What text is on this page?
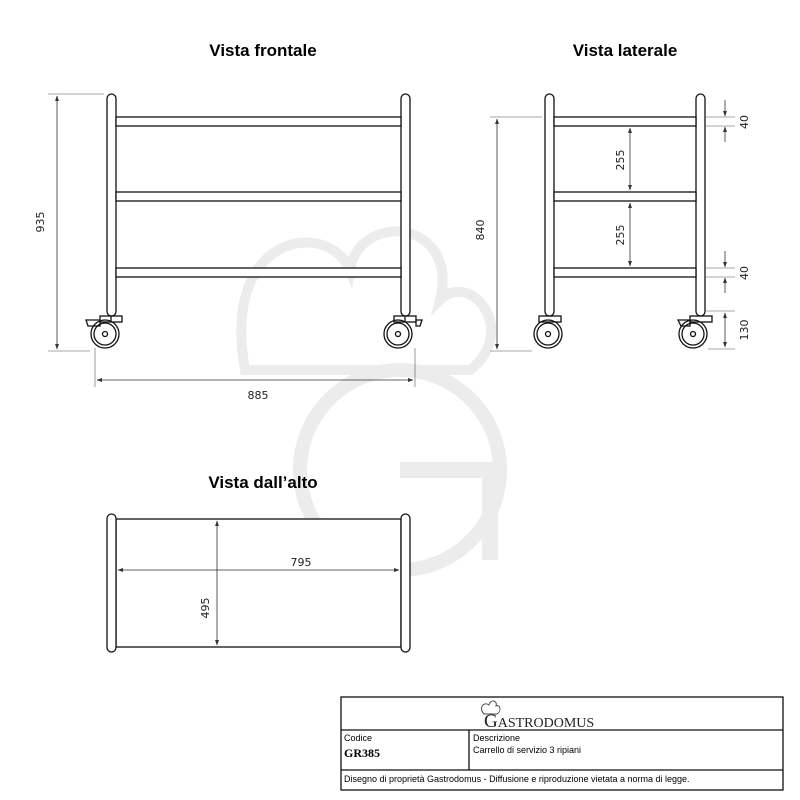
Vista frontale
935
885
Vista laterale
840
255
255
40
40
130
Vista dall’alto
795
495
GASTRODOMUS
Codice
GR385
Descrizione
Carrello di servizio 3 ripiani
Disegno di proprietà Gastrodomus - Diffusione e riproduzione vietata a norma di legge.
